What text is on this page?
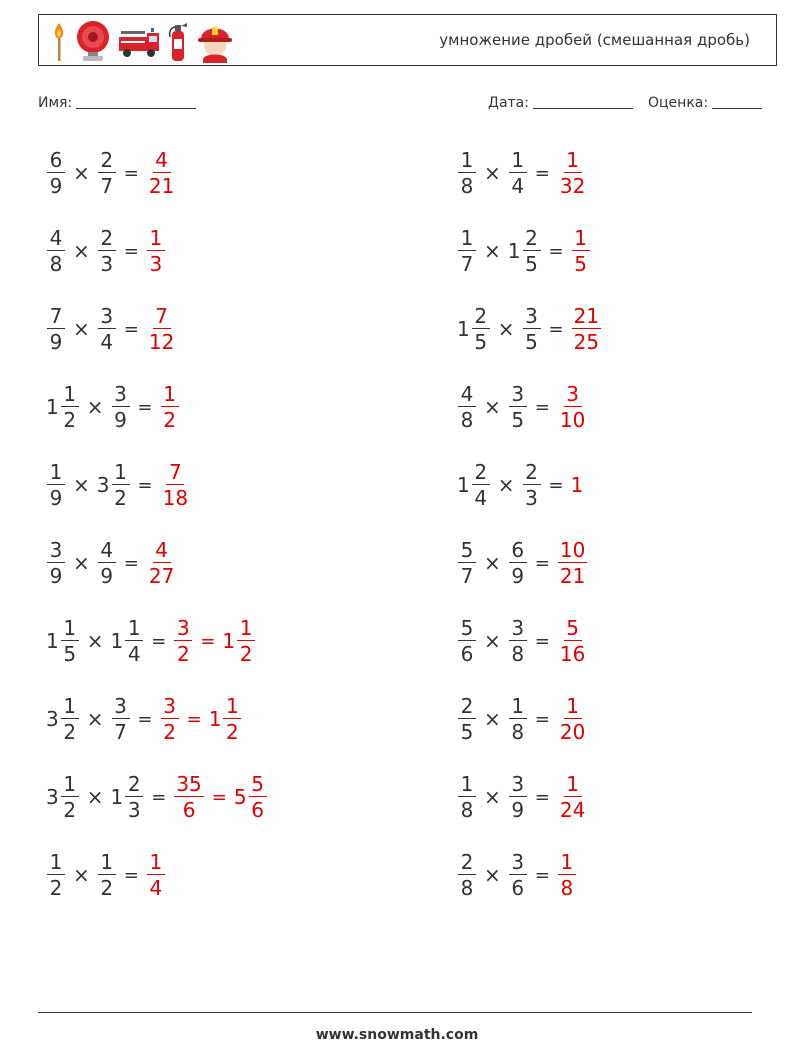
умножение дробей (смешанная дробь)
Имя:	Дата:	Оценка:
$\frac{6}{9} \times \frac{2}{7} = \frac{4}{21}$	$\frac{1}{8} \times \frac{1}{4} = \frac{1}{32}$
$\frac{4}{8} \times \frac{2}{3} = \frac{1}{3}$	$\frac{1}{7} \times 1 \frac{2}{5} = \frac{1}{5}$
$\frac{7}{9} \times \frac{3}{4} = \frac{7}{12}$	$1 \frac{2}{5} \times \frac{3}{5} = \frac{21}{25}$
$1 \frac{1}{2} \times \frac{3}{9} = \frac{1}{2}$	$\frac{4}{8} \times \frac{3}{5} = \frac{3}{10}$
$\frac{1}{9} \times 3 \frac{1}{2} = \frac{7}{18}$	$1 \frac{2}{4} \times \frac{2}{3} = 1$
$\frac{3}{9} \times \frac{4}{9} = \frac{4}{27}$	$\frac{5}{7} \times \frac{6}{9} = \frac{10}{21}$
$1 \frac{1}{5} \times 1 \frac{1}{4} = \frac{3}{2} = 1 \frac{1}{2}$	$\frac{5}{6} \times \frac{3}{8} = \frac{5}{16}$
$3 \frac{1}{2} \times \frac{3}{7} = \frac{3}{2} = 1 \frac{1}{2}$	$\frac{2}{5} \times \frac{1}{8} = \frac{1}{20}$
$3 \frac{1}{2} \times 1 \frac{2}{3} = \frac{35}{6} = 5 \frac{5}{6}$	$\frac{1}{8} \times \frac{3}{9} = \frac{1}{24}$
$\frac{1}{2} \times \frac{1}{2} = \frac{1}{4}$	$\frac{2}{8} \times \frac{3}{6} = \frac{1}{8}$
www.snowmath.com
